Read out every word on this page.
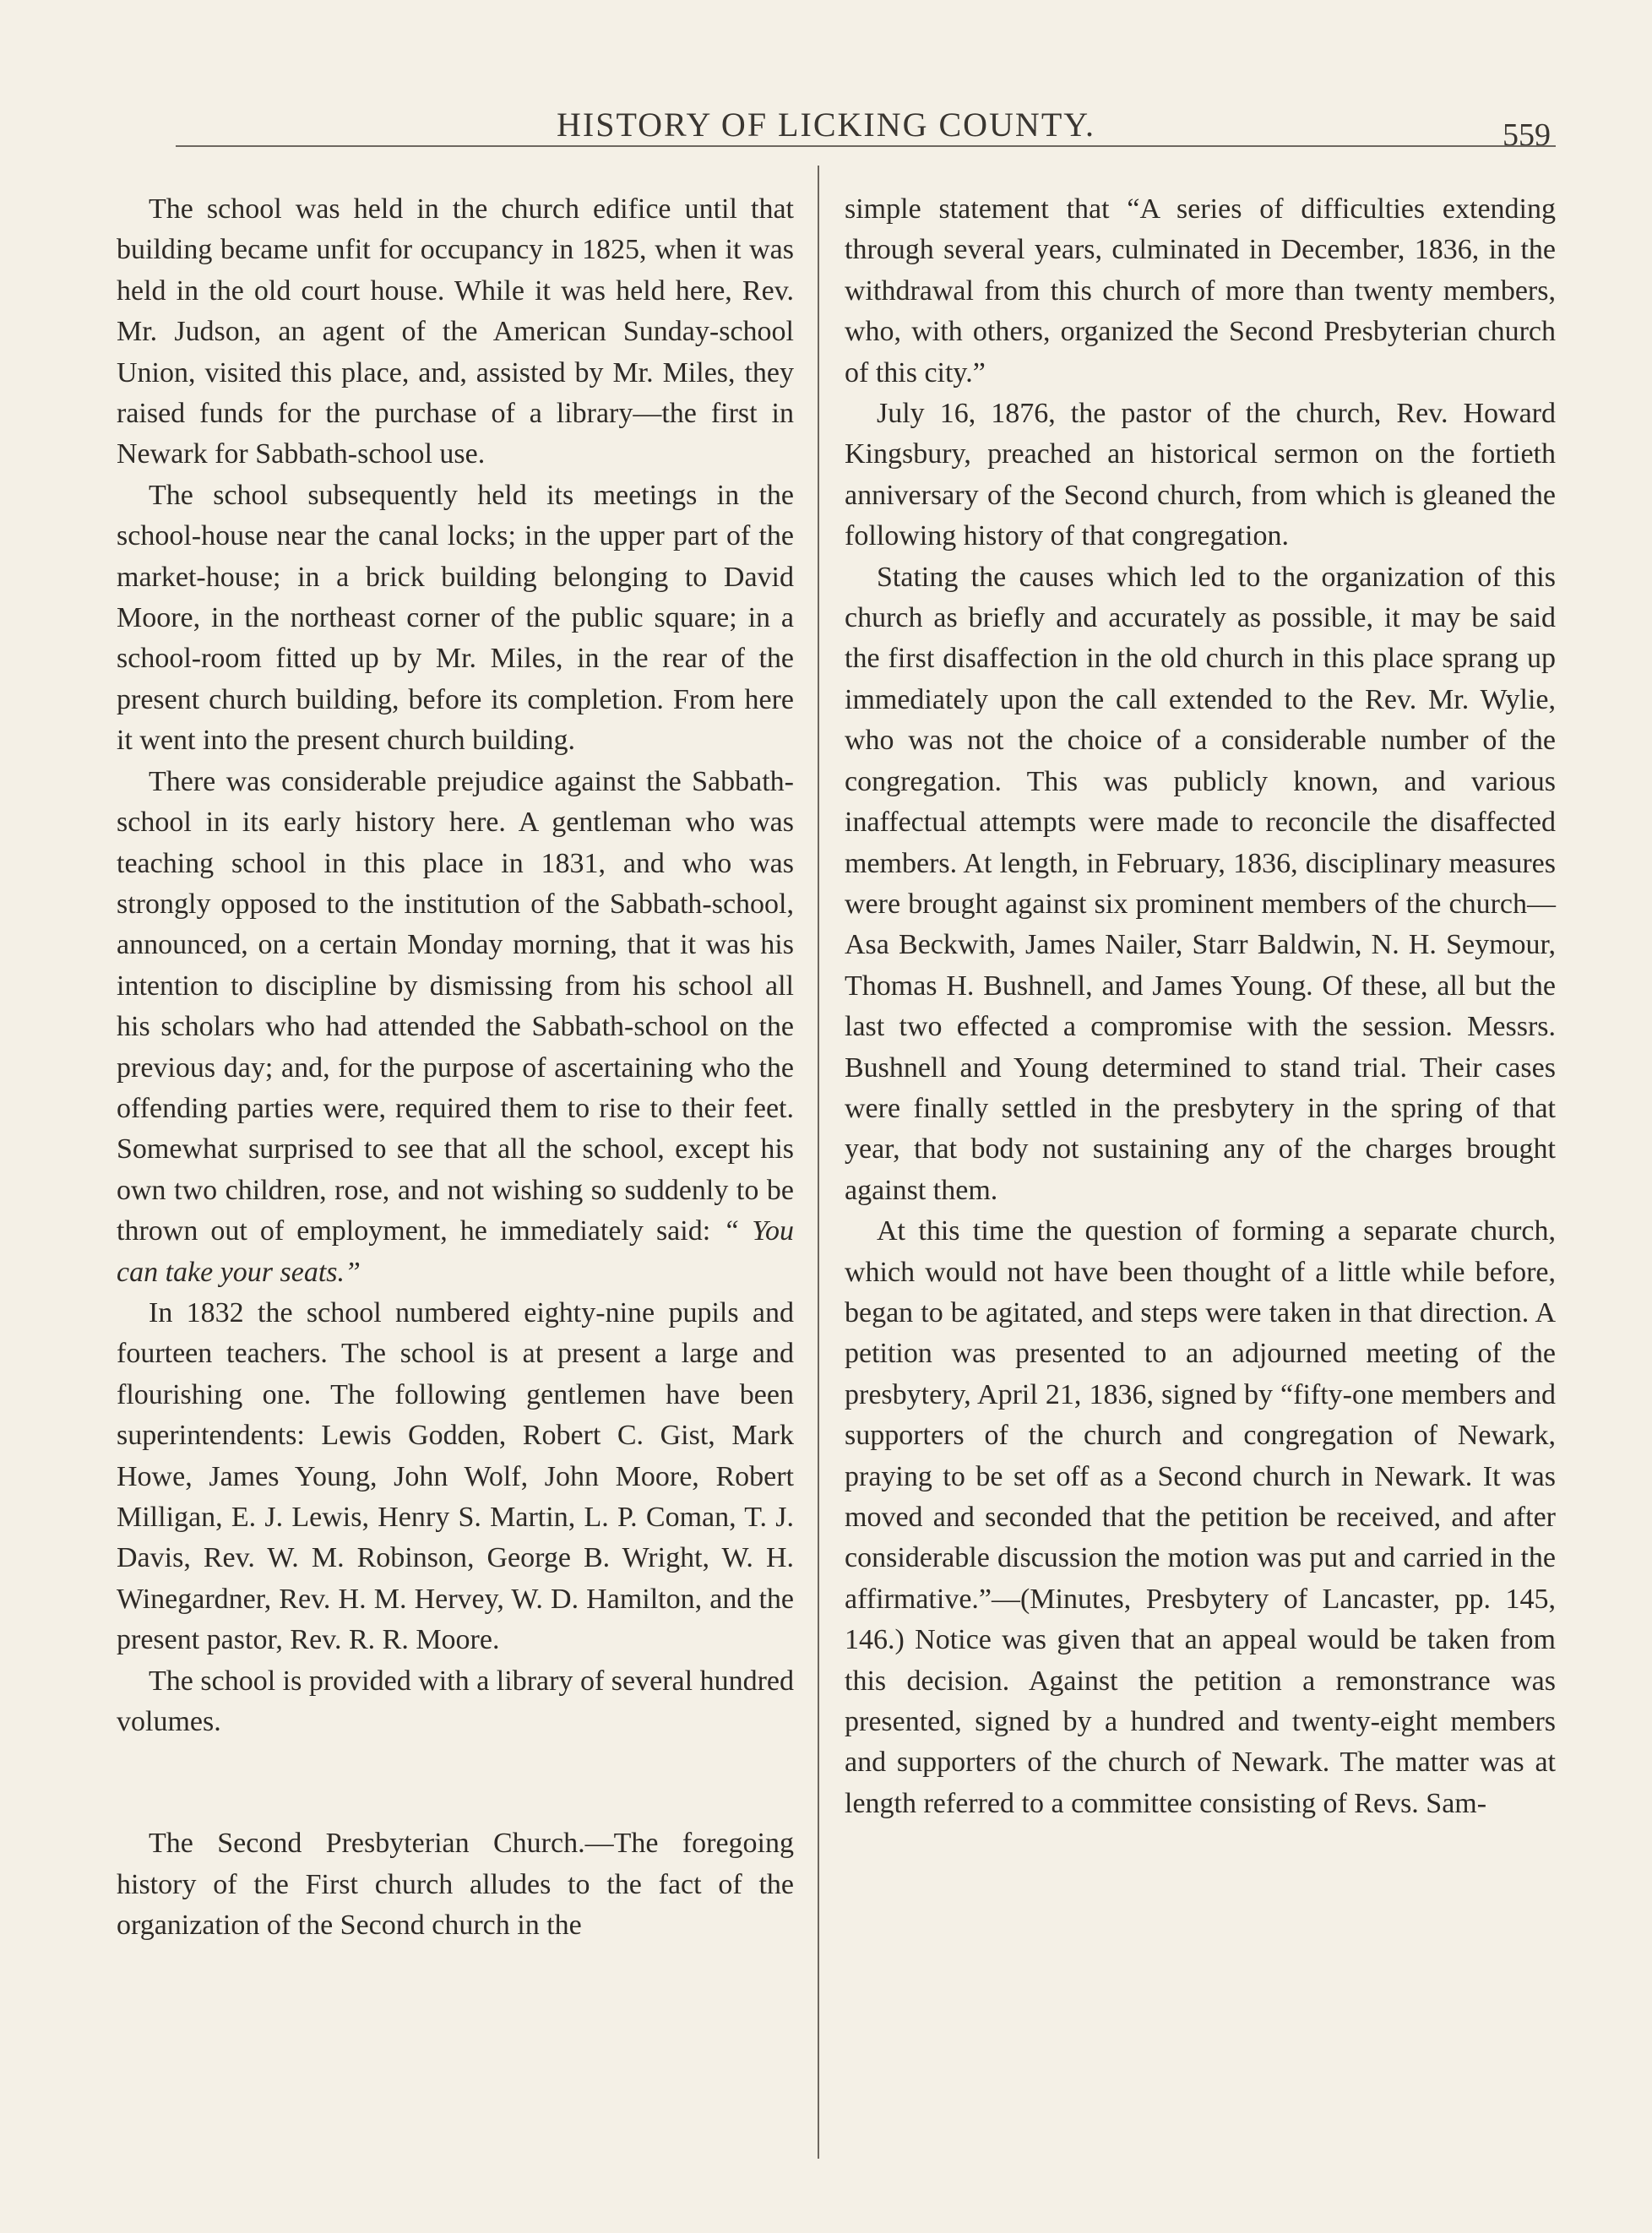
HISTORY OF LICKING COUNTY.	559

The school was held in the church edifice until that building became unfit for occupancy in 1825, when it was held in the old court house. While it was held here, Rev. Mr. Judson, an agent of the American Sunday-school Union, visited this place, and, assisted by Mr. Miles, they raised funds for the purchase of a library—the first in Newark for Sabbath-school use.

The school subsequently held its meetings in the school-house near the canal locks; in the upper part of the market-house; in a brick building belonging to David Moore, in the northeast corner of the public square; in a school-room fitted up by Mr. Miles, in the rear of the present church building, before its completion. From here it went into the present church building.

There was considerable prejudice against the Sabbath-school in its early history here. A gentleman who was teaching school in this place in 1831, and who was strongly opposed to the institution of the Sabbath-school, announced, on a certain Monday morning, that it was his intention to discipline by dismissing from his school all his scholars who had attended the Sabbath-school on the previous day; and, for the purpose of ascertaining who the offending parties were, required them to rise to their feet. Somewhat surprised to see that all the school, except his own two children, rose, and not wishing so suddenly to be thrown out of employment, he immediately said: “ You can take your seats.”

In 1832 the school numbered eighty-nine pupils and fourteen teachers. The school is at present a large and flourishing one. The following gentlemen have been superintendents: Lewis Godden, Robert C. Gist, Mark Howe, James Young, John Wolf, John Moore, Robert Milligan, E. J. Lewis, Henry S. Martin, L. P. Coman, T. J. Davis, Rev. W. M. Robinson, George B. Wright, W. H. Winegardner, Rev. H. M. Hervey, W. D. Hamilton, and the present pastor, Rev. R. R. Moore.

The school is provided with a library of several hundred volumes.

The Second Presbyterian Church.—The foregoing history of the First church alludes to the fact of the organization of the Second church in the

simple statement that “A series of difficulties extending through several years, culminated in December, 1836, in the withdrawal from this church of more than twenty members, who, with others, organized the Second Presbyterian church of this city.”

July 16, 1876, the pastor of the church, Rev. Howard Kingsbury, preached an historical sermon on the fortieth anniversary of the Second church, from which is gleaned the following history of that congregation.

Stating the causes which led to the organization of this church as briefly and accurately as possible, it may be said the first disaffection in the old church in this place sprang up immediately upon the call extended to the Rev. Mr. Wylie, who was not the choice of a considerable number of the congregation. This was publicly known, and various inaffectual attempts were made to reconcile the disaffected members. At length, in February, 1836, disciplinary measures were brought against six prominent members of the church—Asa Beckwith, James Nailer, Starr Baldwin, N. H. Seymour, Thomas H. Bushnell, and James Young. Of these, all but the last two effected a compromise with the session. Messrs. Bushnell and Young determined to stand trial. Their cases were finally settled in the presbytery in the spring of that year, that body not sustaining any of the charges brought against them.

At this time the question of forming a separate church, which would not have been thought of a little while before, began to be agitated, and steps were taken in that direction. A petition was presented to an adjourned meeting of the presbytery, April 21, 1836, signed by “fifty-one members and supporters of the church and congregation of Newark, praying to be set off as a Second church in Newark. It was moved and seconded that the petition be received, and after considerable discussion the motion was put and carried in the affirmative.”—(Minutes, Presbytery of Lancaster, pp. 145, 146.) Notice was given that an appeal would be taken from this decision. Against the petition a remonstrance was presented, signed by a hundred and twenty-eight members and supporters of the church of Newark. The matter was at length referred to a committee consisting of Revs. Sam-
